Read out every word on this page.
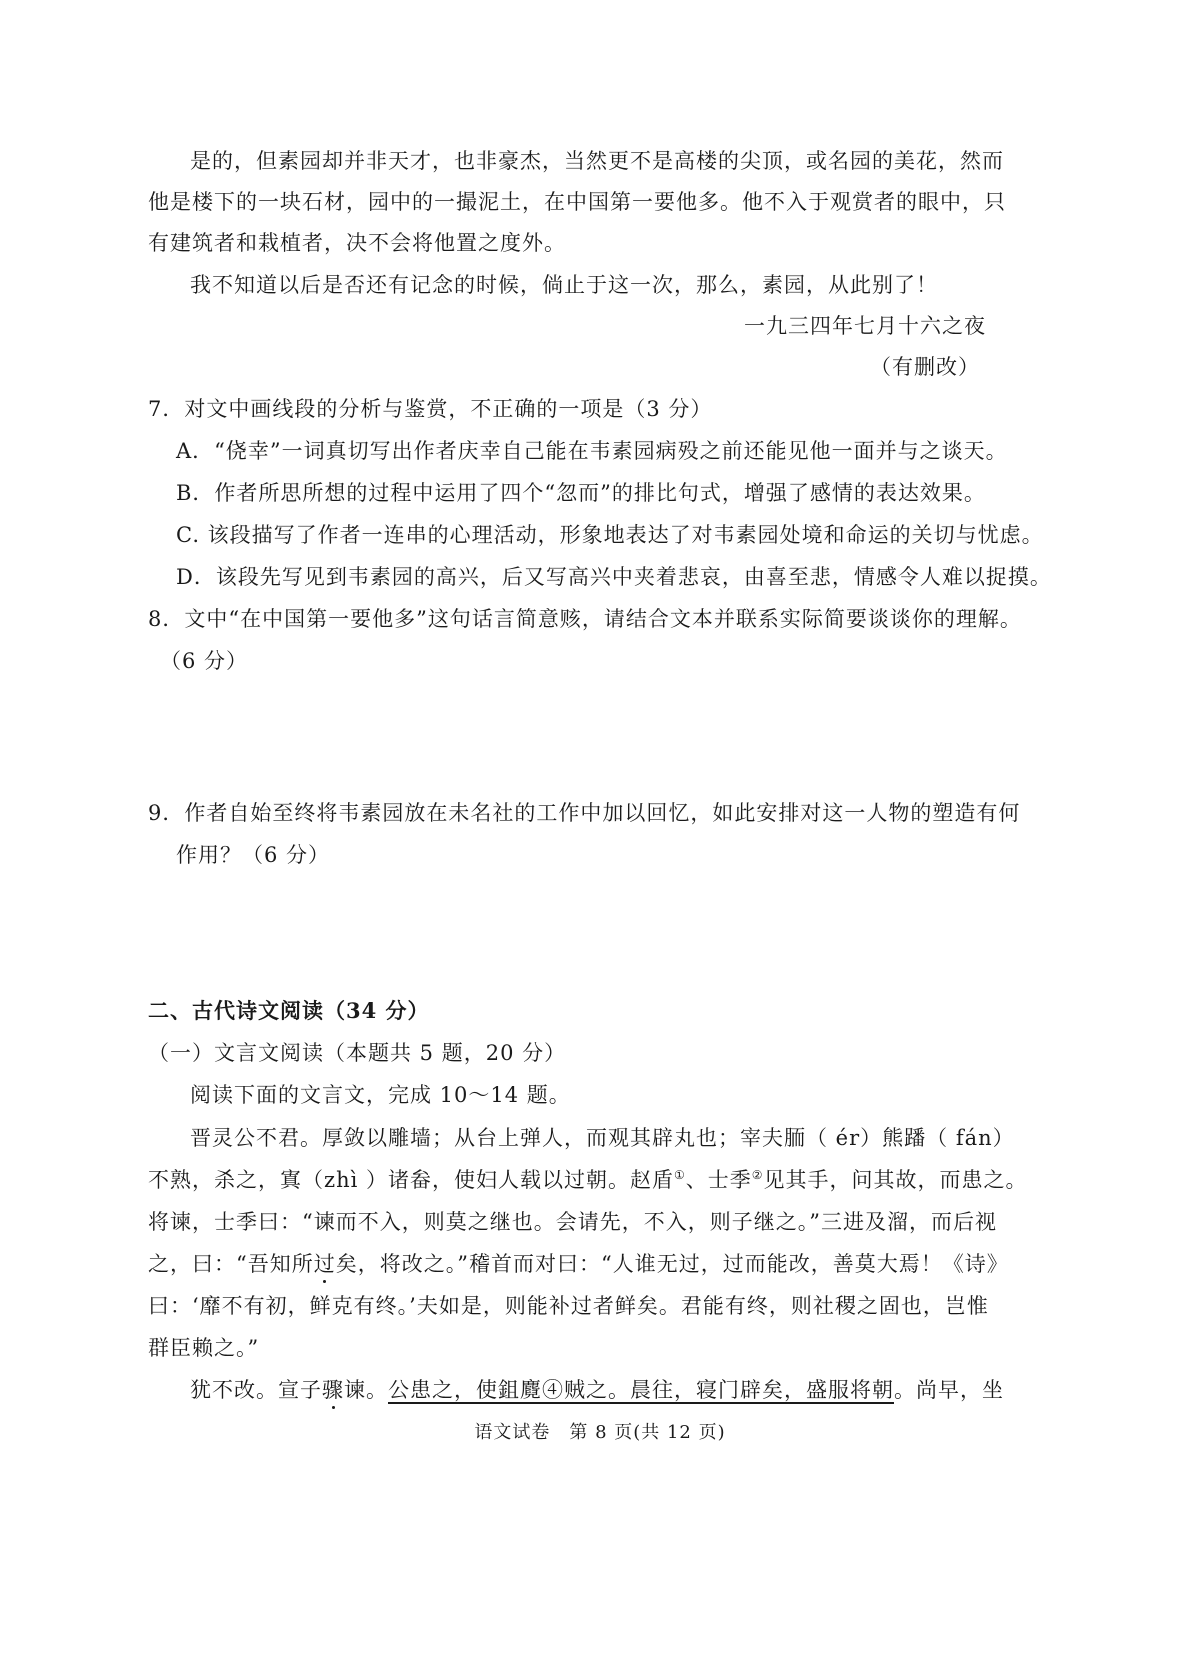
是的，但素园却并非天才，也非豪杰，当然更不是高楼的尖顶，或名园的美花，然而
他是楼下的一块石材，园中的一撮泥土，在中国第一要他多。他不入于观赏者的眼中，只
有建筑者和栽植者，决不会将他置之度外。
我不知道以后是否还有记念的时候，倘止于这一次，那么，素园，从此别了！
一九三四年七月十六之夜
（有删改）
7．对文中画线段的分析与鉴赏，不正确的一项是（3 分）
A．“侥幸”一词真切写出作者庆幸自己能在韦素园病殁之前还能见他一面并与之谈天。
B．作者所思所想的过程中运用了四个“忽而”的排比句式，增强了感情的表达效果。
C. 该段描写了作者一连串的心理活动，形象地表达了对韦素园处境和命运的关切与忧虑。
D．该段先写见到韦素园的高兴，后又写高兴中夹着悲哀，由喜至悲，情感令人难以捉摸。
8．文中“在中国第一要他多”这句话言简意赅，请结合文本并联系实际简要谈谈你的理解。
（6 分）
9．作者自始至终将韦素园放在未名社的工作中加以回忆，如此安排对这一人物的塑造有何
作用？（6 分）
二、古代诗文阅读（34 分）
（一）文言文阅读（本题共 5 题，20 分）
阅读下面的文言文，完成 10～14 题。
晋灵公不君。厚敛以雕墙；从台上弹人，而观其辟丸也；宰夫胹（ ér）熊蹯（ fán）
不熟，杀之，寘（zhì ）诸畚，使妇人载以过朝。赵盾①、士季②见其手，问其故，而患之。
将谏，士季曰：“谏而不入，则莫之继也。会请先，不入，则子继之。”三进及溜，而后视
之，曰：“吾知所过矣，将改之。”稽首而对曰：“人谁无过，过而能改，善莫大焉！《诗》
曰：‘靡不有初，鲜克有终。’夫如是，则能补过者鲜矣。君能有终，则社稷之固也，岂惟
群臣赖之。”
犹不改。宣子骤谏。公患之，使鉏麑④贼之。晨往，寝门辟矣，盛服将朝。尚早，坐
语文试卷　第 8 页(共 12 页)
